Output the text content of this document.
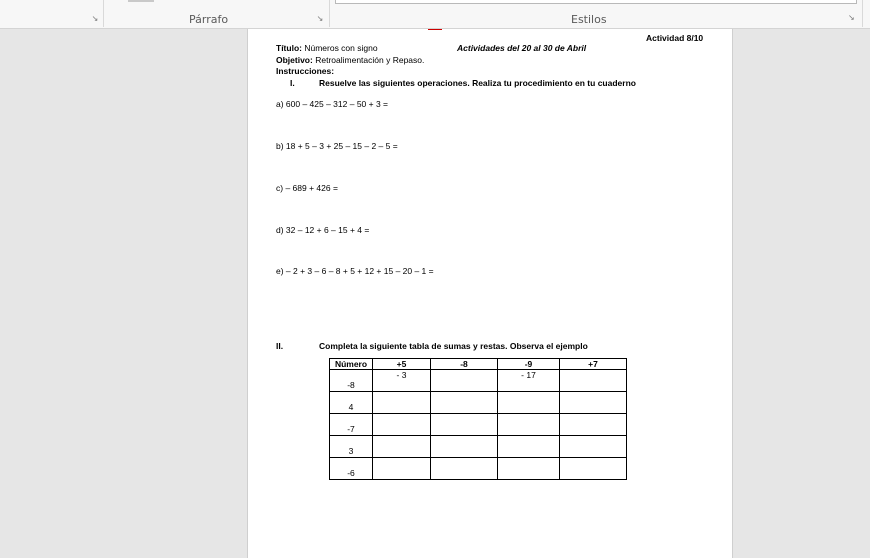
↘	Párrafo	↘	Estilos	↘
Actividad 8/10
Título: Números con signo	Actividades del 20 al 30 de Abril
Objetivo: Retroalimentación y Repaso.
Instrucciones:
I.	Resuelve las siguientes operaciones. Realiza tu procedimiento en tu cuaderno
a) 600 – 425 – 312 – 50 + 3 =
b) 18 + 5 – 3 + 25 – 15 – 2 – 5 =
c) – 689 + 426 =
d) 32 – 12 + 6 – 15 + 4 =
e) – 2 + 3 – 6 – 8 + 5 + 12 + 15 – 20 – 1 =
II.	Completa la siguiente tabla de sumas y restas. Observa el ejemplo
Número	+5	-8	-9	+7
-8	- 3		- 17	
4				
-7				
3				
-6				
